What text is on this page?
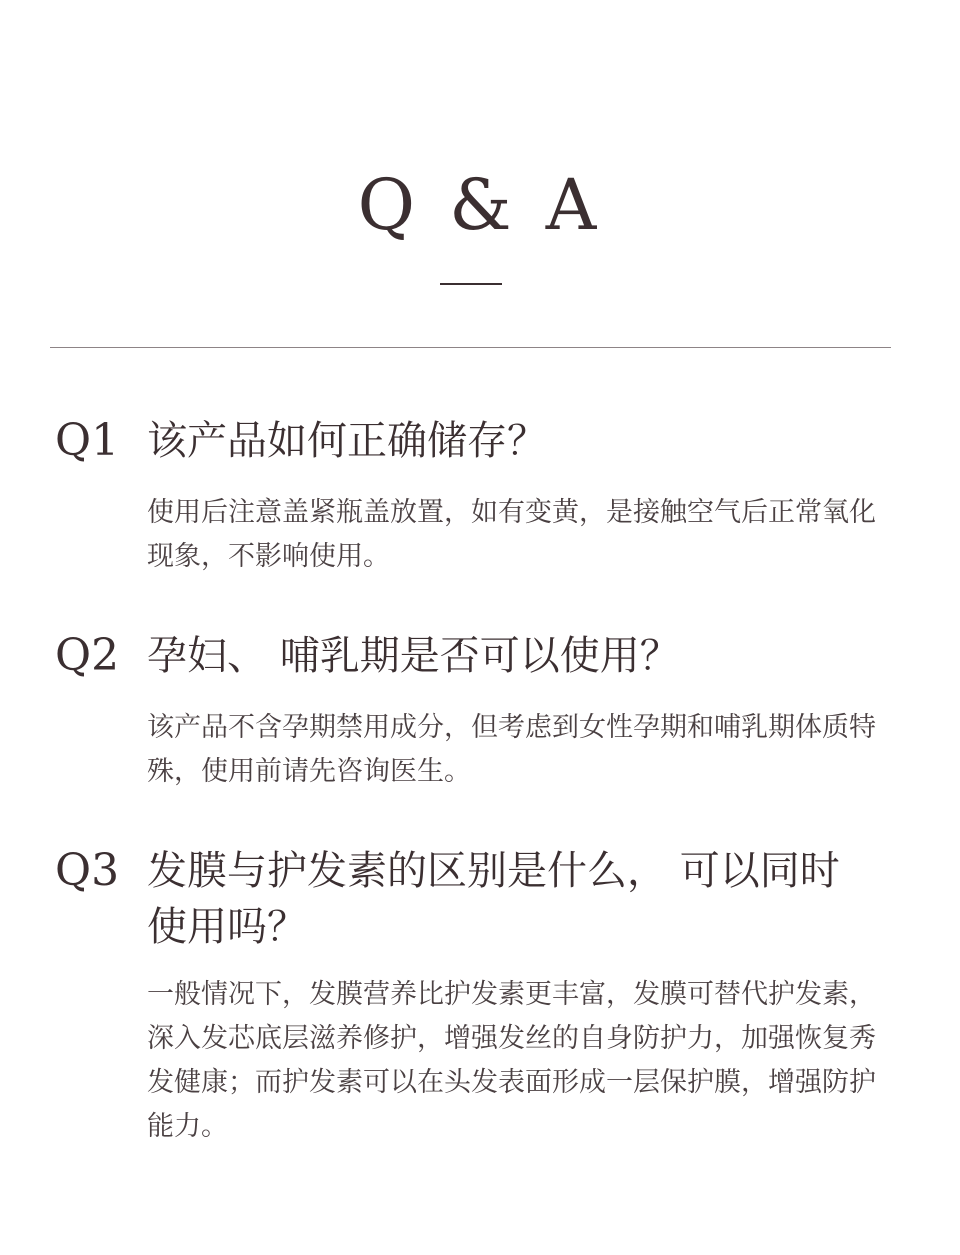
Q & A
Q1 该产品如何正确储存？
使用后注意盖紧瓶盖放置，如有变黄，是接触空气后正常氧化现象，不影响使用。
Q2 孕妇、 哺乳期是否可以使用？
该产品不含孕期禁用成分，但考虑到女性孕期和哺乳期体质特殊，使用前请先咨询医生。
Q3 发膜与护发素的区别是什么， 可以同时使用吗？
一般情况下，发膜营养比护发素更丰富，发膜可替代护发素，深入发芯底层滋养修护，增强发丝的自身防护力，加强恢复秀发健康；而护发素可以在头发表面形成一层保护膜，增强防护能力。
